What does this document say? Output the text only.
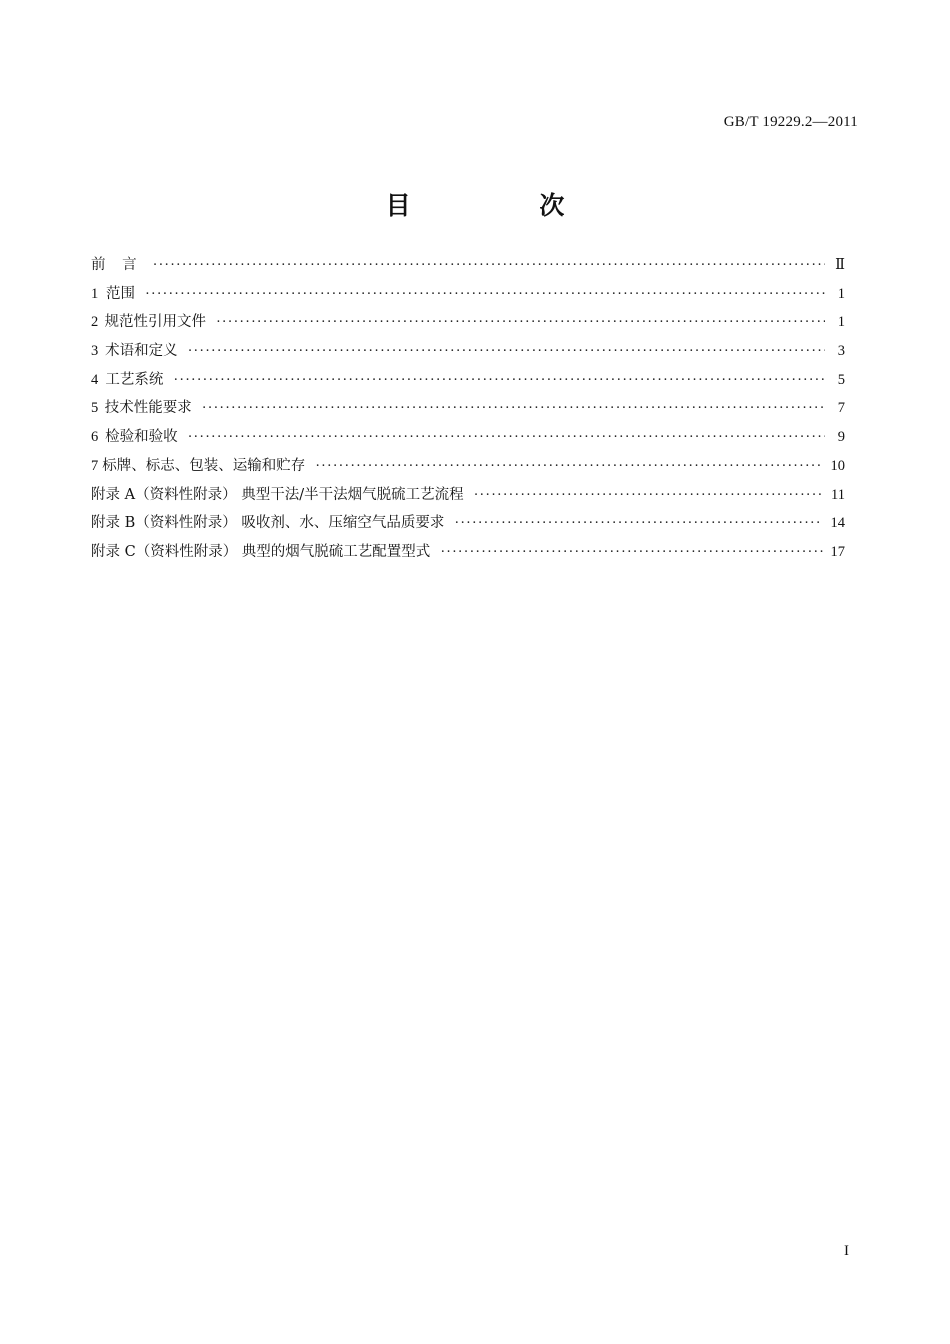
GB/T 19229.2—2011
目 次
前 言 ·····	Ⅱ
1 范围 ·····	1
2 规范性引用文件 ·····	1
3 术语和定义 ·····	3
4 工艺系统 ·····	5
5 技术性能要求 ·····	7
6 检验和验收 ·····	9
7 标牌、标志、包装、运输和贮存 ·····	10
附录 A（资料性附录） 典型干法/半干法烟气脱硫工艺流程 ·····	11
附录 B（资料性附录） 吸收剂、水、压缩空气品质要求 ·····	14
附录 C（资料性附录） 典型的烟气脱硫工艺配置型式 ·····	17
I
